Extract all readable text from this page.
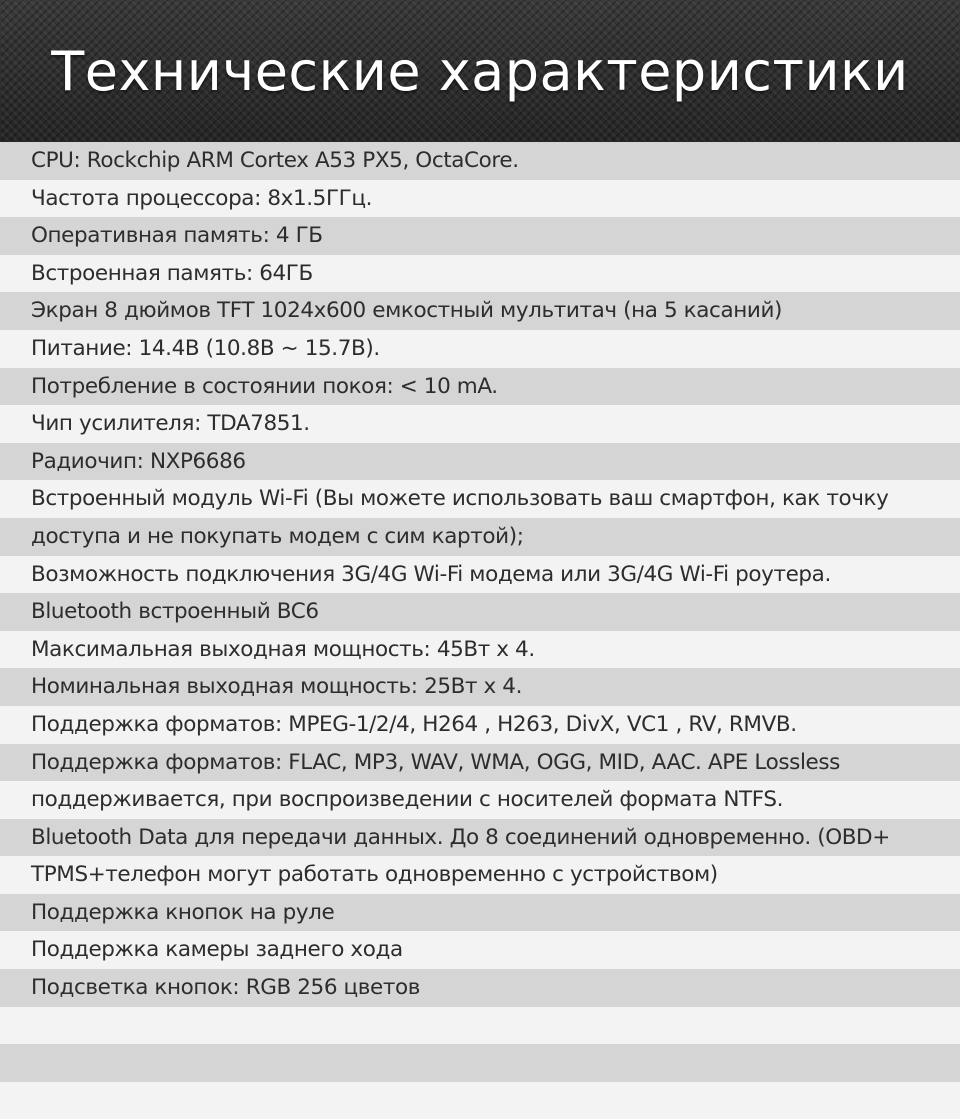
Технические характеристики
CPU: Rockchip ARM Cortex A53 PX5, OctaCore.
Частота процессора: 8x1.5ГГц.
Оперативная память: 4 ГБ
Встроенная память: 64ГБ
Экран 8 дюймов TFT 1024x600 емкостный мультитач (на 5 касаний)
Питание: 14.4В (10.8В ~ 15.7В).
Потребление в состоянии покоя: < 10 mA.
Чип усилителя: TDA7851.
Радиочип: NXP6686
Встроенный модуль Wi-Fi (Вы можете использовать ваш смартфон, как точку
доступа и не покупать модем с сим картой);
Возможность подключения 3G/4G Wi-Fi модема или 3G/4G Wi-Fi роутера.
Bluetooth встроенный BC6
Максимальная выходная мощность: 45Вт x 4.
Номинальная выходная мощность: 25Вт x 4.
Поддержка форматов: MPEG-1/2/4, H264 , H263, DivX, VC1 , RV, RMVB.
Поддержка форматов: FLAC, MP3, WAV, WMA, OGG, MID, AAC. APE Lossless
поддерживается, при воспроизведении с носителей формата NTFS.
Bluetooth Data для передачи данных. До 8 соединений одновременно. (OBD+
TPMS+телефон могут работать одновременно с устройством)
Поддержка кнопок на руле
Поддержка камеры заднего хода
Подсветка кнопок: RGB 256 цветов
